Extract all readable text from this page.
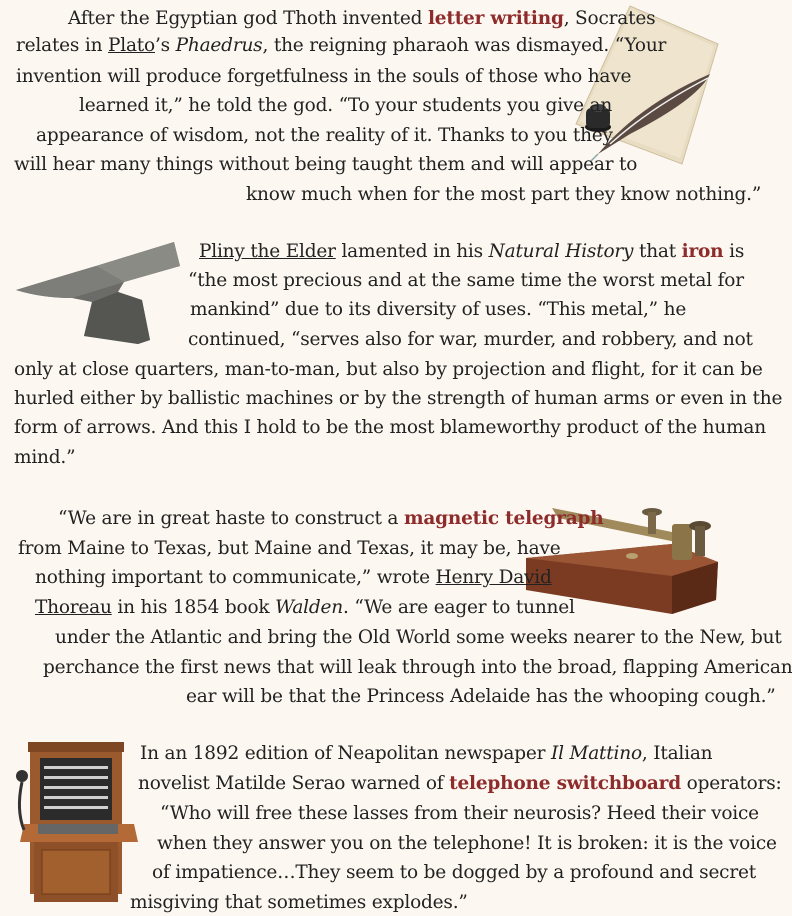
After the Egyptian god Thoth invented letter writing, Socrates
relates in Plato’s Phaedrus, the reigning pharaoh was dismayed. “Your
invention will produce forgetfulness in the souls of those who have
learned it,” he told the god. “To your students you give an
appearance of wisdom, not the reality of it. Thanks to you they
will hear many things without being taught them and will appear to
know much when for the most part they know nothing.”
Pliny the Elder lamented in his Natural History that iron is
“the most precious and at the same time the worst metal for
mankind” due to its diversity of uses. “This metal,” he
continued, “serves also for war, murder, and robbery, and not
only at close quarters, man-to-man, but also by projection and flight, for it can be
hurled either by ballistic machines or by the strength of human arms or even in the
form of arrows. And this I hold to be the most blameworthy product of the human
mind.”
“We are in great haste to construct a magnetic telegraph
from Maine to Texas, but Maine and Texas, it may be, have
nothing important to communicate,” wrote Henry David
Thoreau in his 1854 book Walden. “We are eager to tunnel
under the Atlantic and bring the Old World some weeks nearer to the New, but
perchance the first news that will leak through into the broad, flapping American
ear will be that the Princess Adelaide has the whooping cough.”
In an 1892 edition of Neapolitan newspaper Il Mattino, Italian
novelist Matilde Serao warned of telephone switchboard operators:
“Who will free these lasses from their neurosis? Heed their voice
when they answer you on the telephone! It is broken: it is the voice
of impatience…They seem to be dogged by a profound and secret
misgiving that sometimes explodes.”
